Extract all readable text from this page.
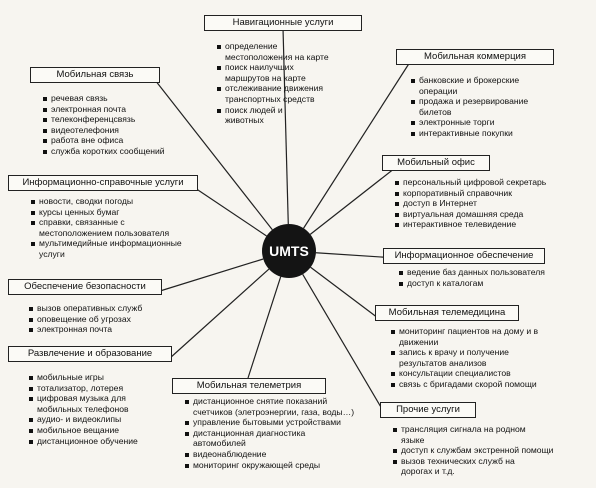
UMTS
Навигационные услуги
определение
местоположения на карте
поиск наилучших
маршрутов на карте
отслеживание движения
транспортных средств
поиск людей и
животных
Мобильная коммерция
банковские и брокерские
операции
продажа и резервирование
билетов
электронные торги
интерактивные покупки
Мобильная связь
речевая связь
электронная почта
телеконференцсвязь
видеотелефония
работа вне офиса
служба коротких сообщений
Мобильный офис
персональный цифровой секретарь
корпоративный справочник
доступ в Интернет
виртуальная домашняя среда
интерактивное телевидение
Информационно-справочные услуги
новости, сводки погоды
курсы ценных бумаг
справки, связанные с
местоположением пользователя
мультимедийные информационные
услуги	Информационное обеспечение
ведение баз данных пользователя
доступ к каталогам
Обеспечение безопасности
вызов оперативных служб
оповещение об угрозах
электронная почта
Мобильная телемедицина
мониторинг пациентов на дому и в
движении
запись к врачу и получение
результатов анализов
консультации специалистов
связь с бригадами скорой помощи
Развлечение и образование
мобильные игры
тотализатор, лотерея
цифровая музыка для
мобильных телефонов
аудио- и видеоклипы
мобильное вещание
дистанционное обучение
Мобильная телеметрия
дистанционное снятие показаний
счетчиков (элетроэнергии, газа, воды…)
управление бытовыми устройствами
дистанционная диагностика
автомобилей
видеонаблюдение
мониторинг окружающей среды
Прочие услуги
трансляция сигнала на родном
языке
доступ к службам экстренной помощи
вызов технических служб на
дорогах и т.д.
